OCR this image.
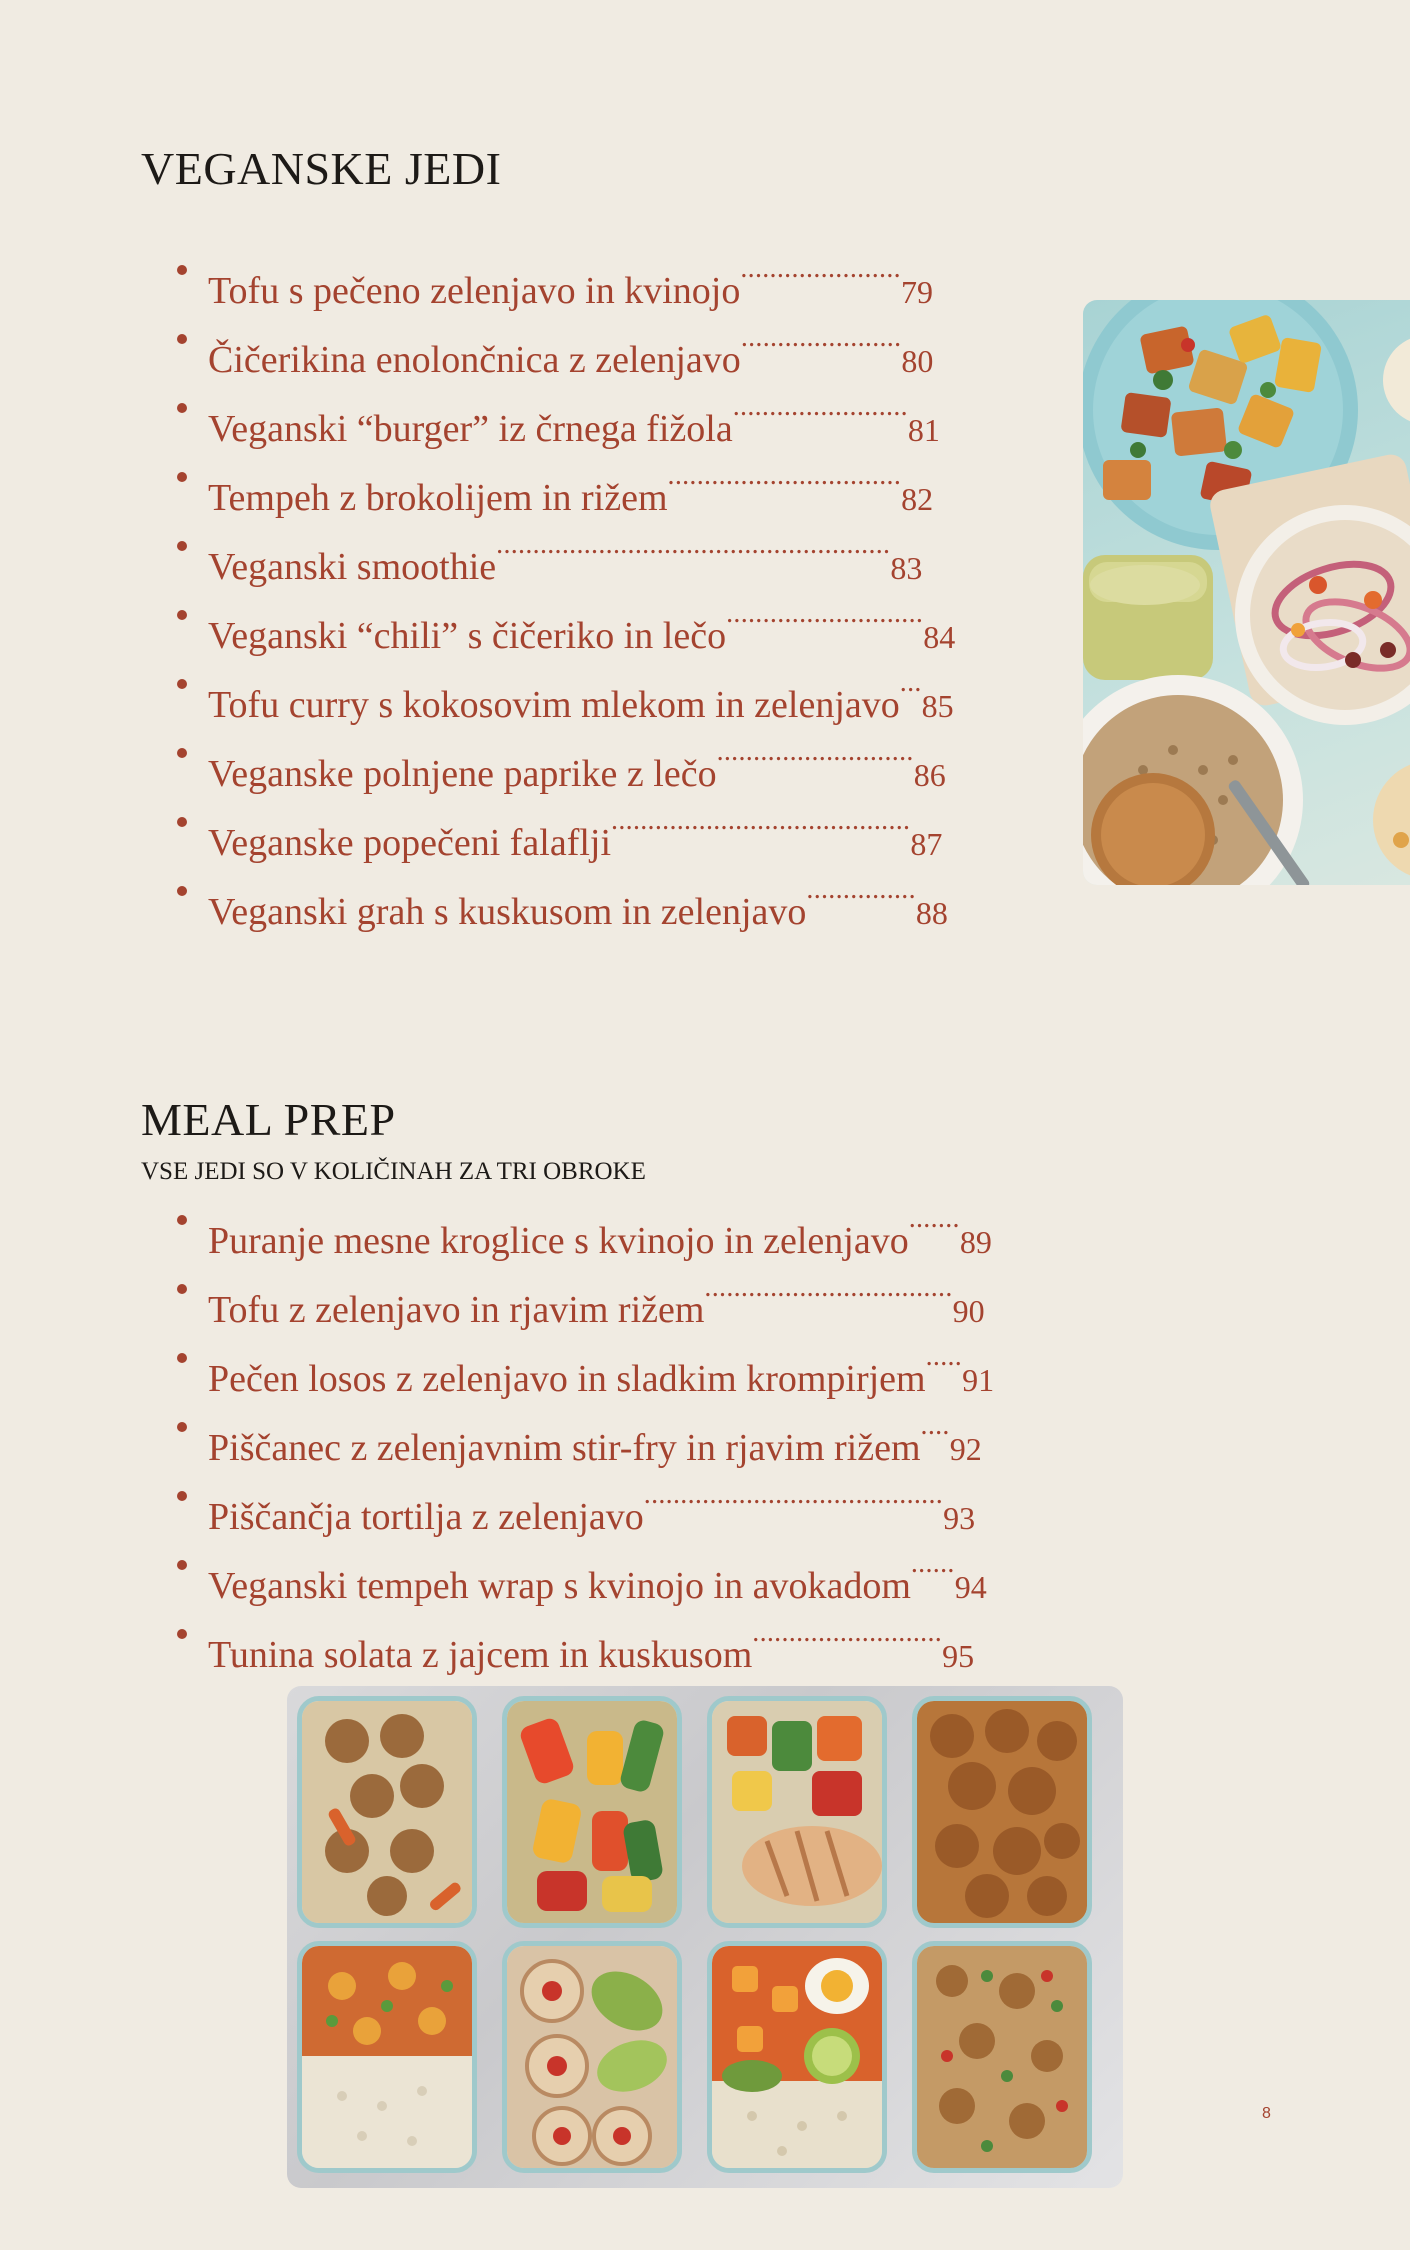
VEGANSKE JEDI
Tofu s pečeno zelenjavo in kvinojo......................79
Čičerikina enolončnica z zelenjavo......................80
Veganski “burger” iz črnega fižola........................81
Tempeh z brokolijem in rižem................................82
Veganski smoothie......................................................83
Veganski “chili” s čičeriko in lečo...........................84
Tofu curry s kokosovim mlekom in zelenjavo...85
Veganske polnjene paprike z lečo...........................86
Veganske popečeni falaflji.........................................87
Veganski grah s kuskusom in zelenjavo...............88
MEAL PREP

VSE JEDI SO V KOLIČINAH ZA TRI OBROKE

Puranje mesne kroglice s kvinojo in zelenjavo.......89
Tofu z zelenjavo in rjavim rižem..................................90
Pečen losos z zelenjavo in sladkim krompirjem.....91
Piščanec z zelenjavnim stir-fry in rjavim rižem....92
Piščančja tortilja z zelenjavo.........................................93
Veganski tempeh wrap s kvinojo in avokadom......94
Tunina solata z jajcem in kuskusom..........................95
8
